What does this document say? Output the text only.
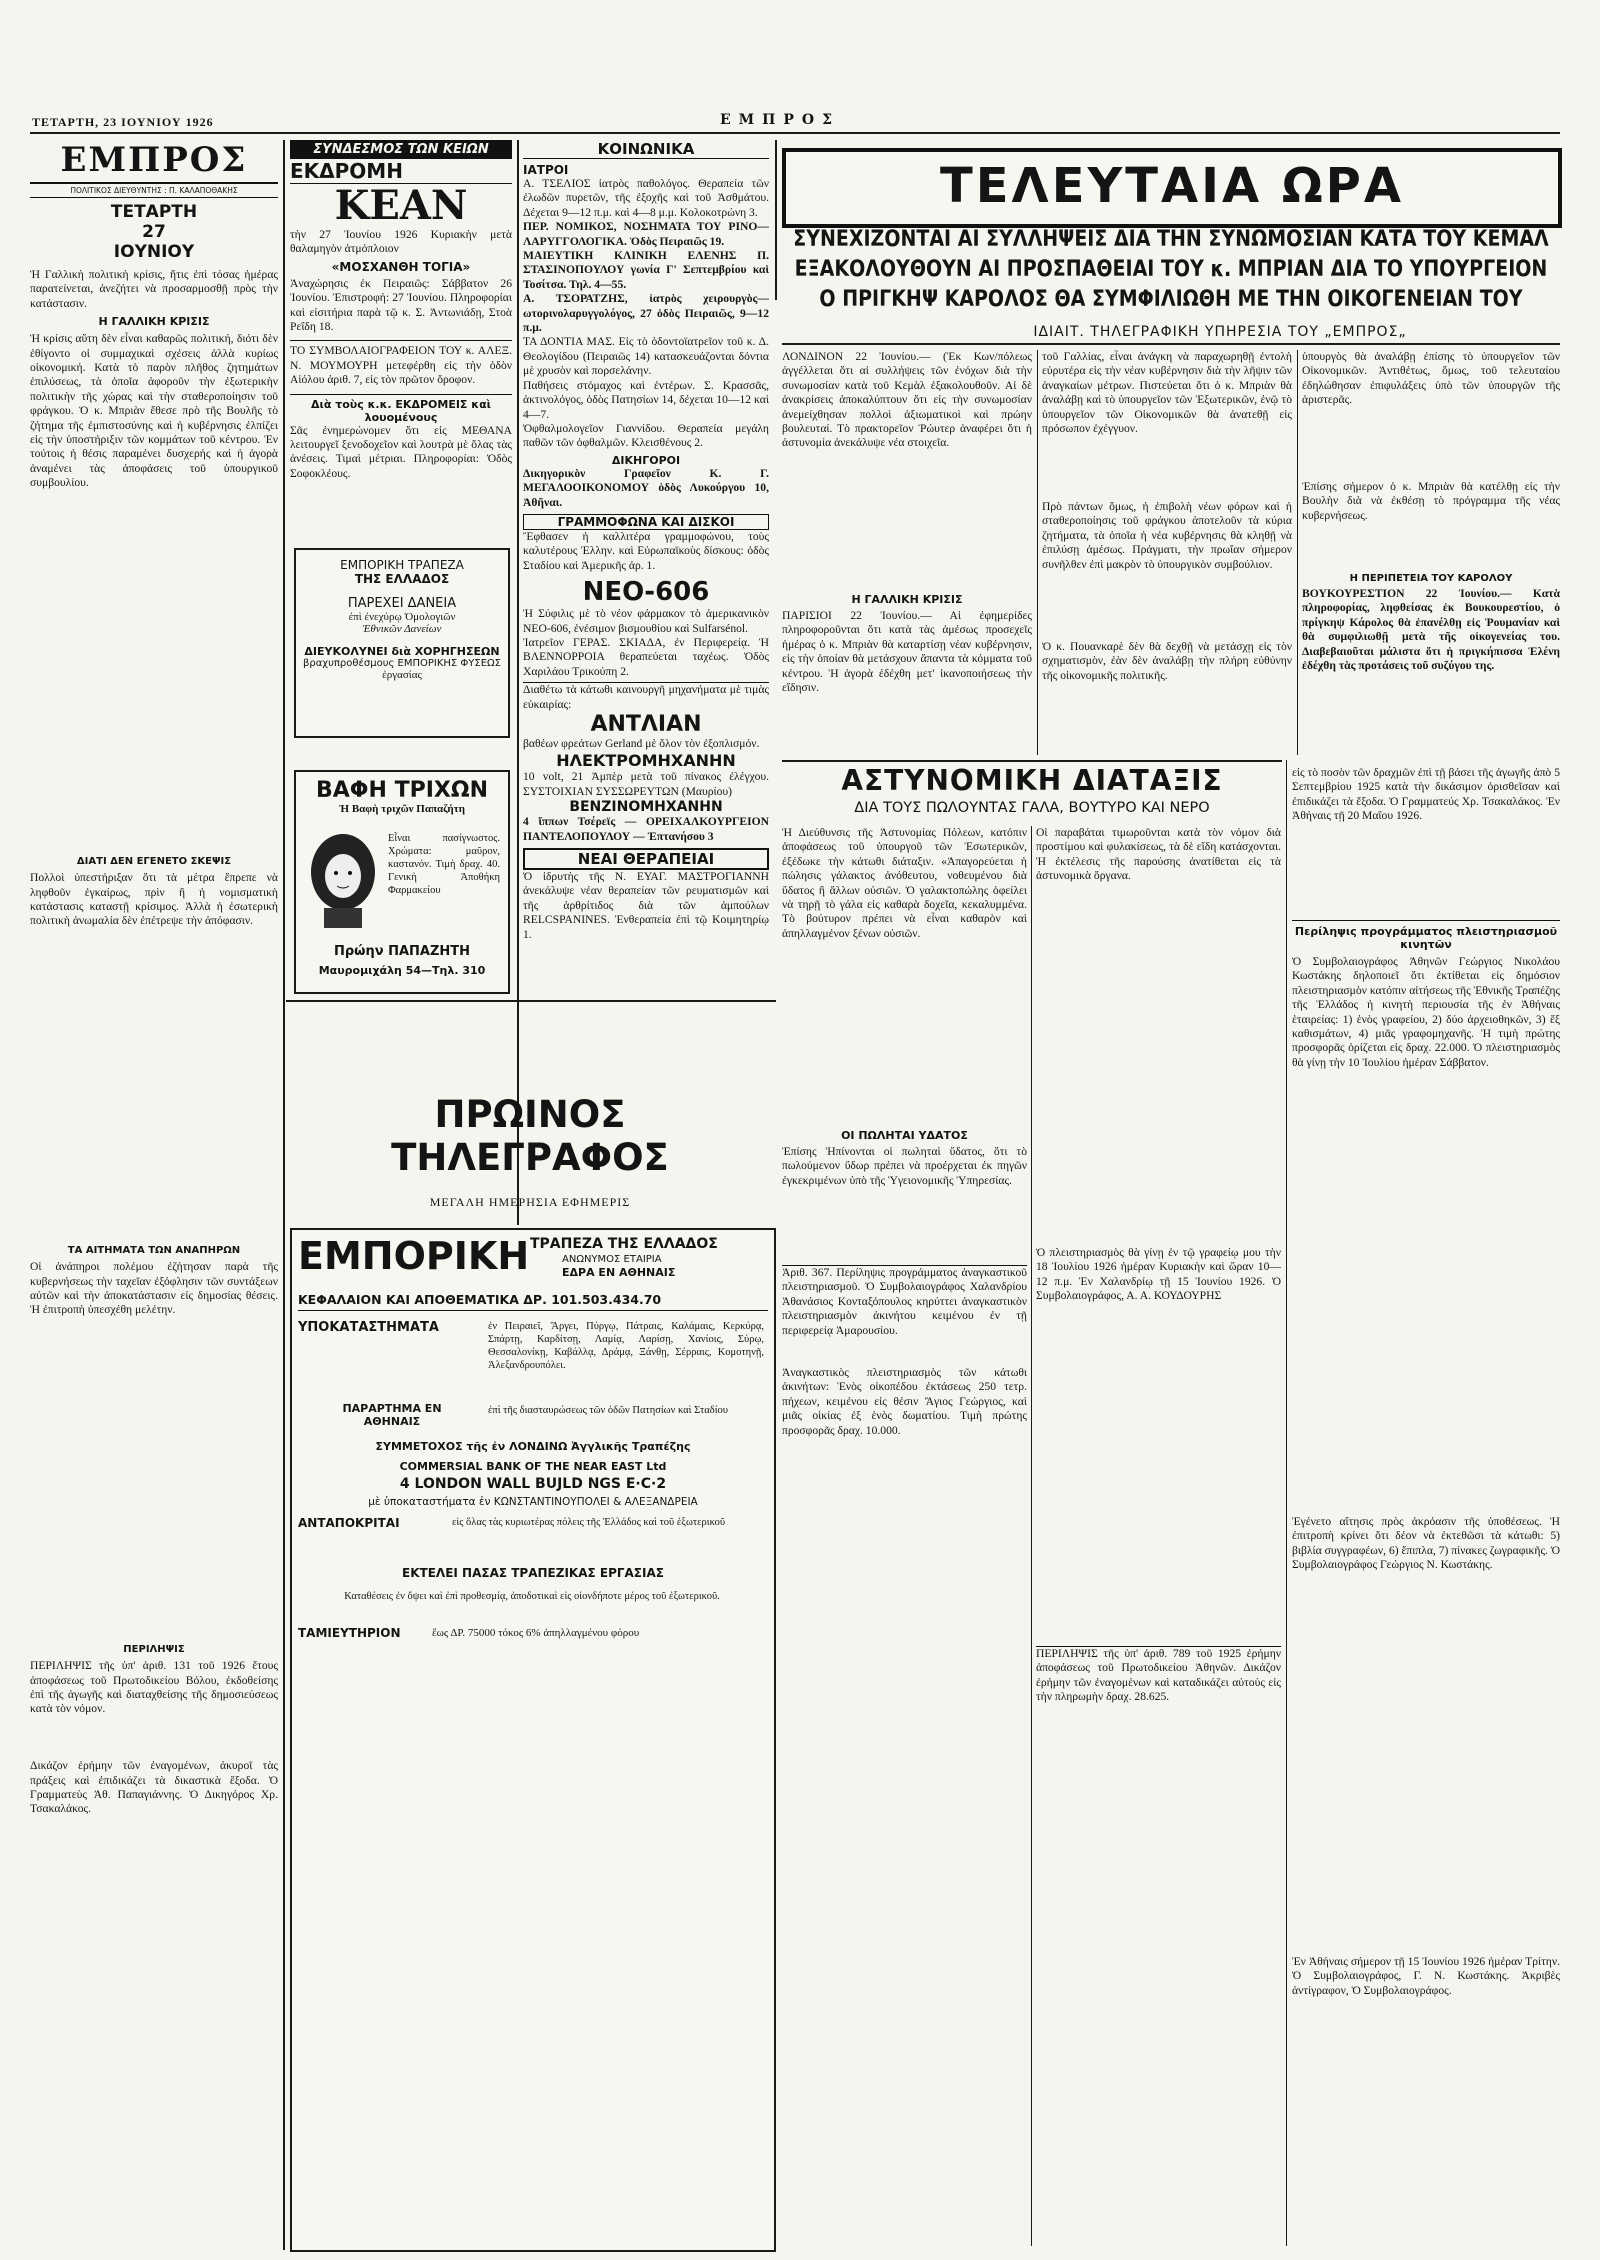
ΤΕΤΑΡΤΗ, 23 ΙΟΥΝΙΟΥ 1926	ΕΜΠΡΟΣ
ΕΜΠΡΟΣ
ΠΟΛΙΤΙΚΟΣ ΔΙΕΥΘΥΝΤΗΣ : Π. ΚΑΛΑΠΟΘΑΚΗΣ
ΤΕΤΑΡΤΗ
27
ΙΟΥΝΙΟΥ
Ἡ Γαλλικὴ πολιτικὴ κρίσις, ἥτις ἐπὶ τόσας ἡμέρας παρατείνεται, ἀνεζήτει νὰ προσαρμοσθῇ πρὸς τὴν κατάστασιν.
Η ΓΑΛΛΙΚΗ ΚΡΙΣΙΣ
Ἡ κρίσις αὕτη δὲν εἶναι καθαρῶς πολιτική, διότι δὲν ἐθίγοντο οἱ συμμαχικαὶ σχέσεις ἀλλὰ κυρίως οἰκονομική. Κατὰ τὸ παρὸν πλῆθος ζητημάτων ἐπιλύσεως, τὰ ὁποῖα ἀφοροῦν τὴν ἐξωτερικὴν πολιτικὴν τῆς χώρας καὶ τὴν σταθεροποίησιν τοῦ φράγκου. Ὁ κ. Μπριὰν ἔθεσε πρὸ τῆς Βουλῆς τὸ ζήτημα τῆς ἐμπιστοσύνης καὶ ἡ κυβέρνησις ἐλπίζει εἰς τὴν ὑποστήριξιν τῶν κομμάτων τοῦ κέντρου. Ἐν τούτοις ἡ θέσις παραμένει δυσχερής καὶ ἡ ἀγορὰ ἀναμένει τὰς ἀποφάσεις τοῦ ὑπουργικοῦ συμβουλίου.
ΔΙΑΤΙ ΔΕΝ ΕΓΕΝΕΤΟ ΣΚΕΨΙΣ
Πολλοὶ ὑπεστήριξαν ὅτι τὰ μέτρα ἔπρεπε νὰ ληφθοῦν ἐγκαίρως, πρὶν ἢ ἡ νομισματικὴ κατάστασις καταστῇ κρίσιμος. Ἀλλὰ ἡ ἐσωτερικὴ πολιτικὴ ἀνωμαλία δὲν ἐπέτρεψε τὴν ἀπόφασιν.
ΤΑ ΑΙΤΗΜΑΤΑ ΤΩΝ ΑΝΑΠΗΡΩΝ
Οἱ ἀνάπηροι πολέμου ἐζήτησαν παρὰ τῆς κυβερνήσεως τὴν ταχεῖαν ἐξόφλησιν τῶν συντάξεων αὐτῶν καὶ τὴν ἀποκατάστασιν εἰς δημοσίας θέσεις. Ἡ ἐπιτροπὴ ὑπεσχέθη μελέτην.
ΠΕΡΙΛΗΨΙΣ
ΠΕΡΙΛΗΨΙΣ τῆς ὑπ' ἀριθ. 131 τοῦ 1926 ἔτους ἀποφάσεως τοῦ Πρωτοδικείου Βόλου, ἐκδοθείσης ἐπὶ τῆς ἀγωγῆς καὶ διαταχθείσης τῆς δημοσιεύσεως κατὰ τὸν νόμον.
Δικάζον ἐρήμην τῶν ἐναγομένων, ἀκυροῖ τὰς πράξεις καὶ ἐπιδικάζει τὰ δικαστικὰ ἔξοδα. Ὁ Γραμματεὺς Ἀθ. Παπαγιάννης. Ὁ Δικηγόρος Χρ. Τσακαλάκος.
ΣΥΝΔΕΣΜΟΣ ΤΩΝ ΚΕΙΩΝ
ΕΚΔΡΟΜΗ
ΚΕΑΝ
τὴν 27 Ἰουνίου 1926 Κυριακὴν μετὰ θαλαμηγὸν ἀτμόπλοιον
«ΜΟΣΧΑΝΘΗ ΤΟΓΙΑ»
Ἀναχώρησις ἐκ Πειραιῶς: Σάββατον 26 Ἰουνίου. Ἐπιστροφή: 27 Ἰουνίου. Πληροφορίαι καὶ εἰσιτήρια παρὰ τῷ κ. Σ. Ἀντωνιάδῃ, Στοὰ Ρεΐδη 18.
ΤΟ ΣΥΜΒΟΛΑΙΟΓΡΑΦΕΙΟΝ ΤΟΥ κ. ΑΛΕΞ. Ν. ΜΟΥΜΟΥΡΗ μετεφέρθη εἰς τὴν ὁδὸν Αἰόλου ἀριθ. 7, εἰς τὸν πρῶτον ὄροφον.
Διὰ τοὺς κ.κ. ΕΚΔΡΟΜΕΙΣ καὶ λουομένους
Σᾶς ἐνημερώνομεν ὅτι εἰς ΜΕΘΑΝΑ λειτουργεῖ ξενοδοχεῖον καὶ λουτρὰ μὲ ὅλας τὰς ἀνέσεις. Τιμαὶ μέτριαι. Πληροφορίαι: Ὁδὸς Σοφοκλέους.
ΕΜΠΟΡΙΚΗ ΤΡΑΠΕΖΑ
ΤΗΣ ΕΛΛΑΔΟΣ
ΠΑΡΕΧΕΙ ΔΑΝΕΙΑ
ἐπὶ ἐνεχύρῳ Ὁμολογιῶν
Ἐθνικῶν Δανείων
ΔΙΕΥΚΟΛΥΝΕΙ διὰ ΧΟΡΗΓΗΣΕΩΝ
βραχυπροθέσμους ΕΜΠΟΡΙΚΗΣ ΦΥΣΕΩΣ
ἐργασίας
ΒΑΦΗ ΤΡΙΧΩΝ
Ἡ Βαφὴ τριχῶν Παπαζήτη
Εἶναι πασίγνωστος. Χρώματα: μαῦρον, καστανόν. Τιμὴ δραχ. 40. Γενικὴ Ἀποθήκη Φαρμακείου
Πρώην ΠΑΠΑΖΗΤΗ
Μαυρομιχάλη 54—Τηλ. 310
ΠΡΩΙΝΟΣ ΤΗΛΕΓΡΑΦΟΣ
ΜΕΓΑΛΗ ΗΜΕΡΗΣΙΑ ΕΦΗΜΕΡΙΣ
ΚΟΙΝΩΝΙΚΑ
ΙΑΤΡΟΙ
Α. ΤΣΕΛΙΟΣ ἰατρὸς παθολόγος. Θεραπεία τῶν ἐλωδῶν πυρετῶν, τῆς ἐξοχῆς καὶ τοῦ Ἀσθμάτου. Δέχεται 9—12 π.μ. καὶ 4—8 μ.μ. Κολοκοτρώνη 3.
ΠΕΡ. ΝΟΜΙΚΟΣ, ΝΟΣΗΜΑΤΑ ΤΟΥ ΡΙΝΟ—ΛΑΡΥΓΓΟΛΟΓΙΚΑ. Ὁδὸς Πειραιῶς 19.
ΜΑΙΕΥΤΙΚΗ ΚΛΙΝΙΚΗ ΕΛΕΝΗΣ Π. ΣΤΑΣΙΝΟΠΟΥΛΟΥ γωνία Γ' Σεπτεμβρίου καὶ Τοσίτσα. Τηλ. 4—55.
Α. ΤΣΟΡΑΤΖΗΣ, ἰατρὸς χειρουργὸς—ωτορινολαρυγγολόγος, 27 ὁδὸς Πειραιῶς, 9—12 π.μ.
ΤΑ ΔΟΝΤΙΑ ΜΑΣ. Εἰς τὸ ὀδοντοϊατρεῖον τοῦ κ. Δ. Θεολογίδου (Πειραιῶς 14) κατασκευάζονται δόντια μὲ χρυσὸν καὶ πορσελάνην.
Παθήσεις στόμαχος καὶ ἐντέρων. Σ. Κρασσᾶς, ἀκτινολόγος, ὁδὸς Πατησίων 14, δέχεται 10—12 καὶ 4—7.
Ὀφθαλμολογεῖον Γιαννίδου. Θεραπεία μεγάλη παθῶν τῶν ὀφθαλμῶν. Κλεισθένους 2.
ΔΙΚΗΓΟΡΟΙ
Δικηγορικὸν Γραφεῖον Κ. Γ. ΜΕΓΑΛΟΟΙΚΟΝΟΜΟΥ ὁδὸς Λυκούργου 10, Ἀθῆναι.
ΓΡΑΜΜΟΦΩΝΑ ΚΑΙ ΔΙΣΚΟΙ
Ἔφθασεν ἡ καλλιτέρα γραμμοφώνου, τοὺς καλυτέρους Ἑλλην. καὶ Εὐρωπαϊκοὺς δίσκους: ὁδὸς Σταδίου καὶ Ἀμερικῆς ἀρ. 1.
ΝΕΟ-606
Ἡ Σύφιλις μὲ τὸ νέον φάρμακον τὸ ἀμερικανικὸν ΝΕΟ-606, ἐνέσιμον βισμουθίου καὶ Sulfarsénol.
Ἰατρεῖον ΓΕΡΑΣ. ΣΚΙΑΔΑ, ἐν Περιφερείᾳ. Ἡ ΒΛΕΝΝΟΡΡΟΙΑ θεραπεύεται ταχέως. Ὁδὸς Χαριλάου Τρικούπη 2.
Διαθέτω τὰ κάτωθι καινουργῆ μηχανήματα μὲ τιμὰς εὐκαιρίας:
ΑΝΤΛΙΑΝ
βαθέων φρεάτων Gerland μὲ ὅλον τὸν ἐξοπλισμόν.
ΗΛΕΚΤΡΟΜΗΧΑΝΗΝ
10 volt, 21 Ἀμπὲρ μετὰ τοῦ πίνακος ἐλέγχου. ΣΥΣΤΟΙΧΙΑΝ ΣΥΣΣΩΡΕΥΤΩΝ (Μαυρίου)
ΒΕΝΖΙΝΟΜΗΧΑΝΗΝ
4 ἵππων Τσέρεϊς — ΟΡΕΙΧΑΛΚΟΥΡΓΕΙΟΝ ΠΑΝΤΕΛΟΠΟΥΛΟΥ — Ἐπτανήσου 3
ΝΕΑΙ ΘΕΡΑΠΕΙΑΙ
Ὁ ἰδρυτὴς τῆς Ν. ΕΥΑΓ. ΜΑΣΤΡΟΓΙΑΝΝΗ ἀνεκάλυψε νέαν θεραπείαν τῶν ρευματισμῶν καὶ τῆς ἀρθρίτιδος διὰ τῶν ἀμπούλων RELCSPANINES. Ἐνθεραπεία ἐπὶ τῷ Κοιμητηρίῳ 1.
ΕΜΠΟΡΙΚΗ ΤΡΑΠΕΖΑ ΤΗΣ ΕΛΛΑΔΟΣ
ΑΝΩΝΥΜΟΣ ΕΤΑΙΡΙΑ
ΕΔΡΑ ΕΝ ΑΘΗΝΑΙΣ
ΚΕΦΑΛΑΙΟΝ ΚΑΙ ΑΠΟΘΕΜΑΤΙΚΑ ΔΡ. 101.503.434.70
ΥΠΟΚΑΤΑΣΤΗΜΑΤΑ	ἐν Πειραιεῖ, Ἄργει, Πύργῳ, Πάτραις, Καλάμαις, Κερκύρᾳ, Σπάρτῃ, Καρδίτσῃ, Λαμίᾳ, Λαρίσῃ, Χανίοις, Σύρῳ, Θεσσαλονίκῃ, Καβάλλᾳ, Δράμᾳ, Ξάνθῃ, Σέρραις, Κομοτηνῇ, Ἀλεξανδρουπόλει.
ΠΑΡΑΡΤΗΜΑ ΕΝ ΑΘΗΝΑΙΣ
ἐπὶ τῆς διασταυρώσεως τῶν ὁδῶν Πατησίων καὶ Σταδίου
ΣΥΜΜΕΤΟΧΟΣ τῆς ἐν ΛΟΝΔΙΝΩ Ἀγγλικῆς Τραπέζης
COMMERSIAL BANK OF THE NEAR EAST Ltd
4 LONDON WALL BUJLD NGS E·C·2
μὲ ὑποκαταστήματα ἐν ΚΩΝΣΤΑΝΤΙΝΟΥΠΟΛΕΙ & ΑΛΕΞΑΝΔΡΕΙΑ
ΑΝΤΑΠΟΚΡΙΤΑΙ	εἰς ὅλας τὰς κυριωτέρας πόλεις τῆς Ἑλλάδος καὶ τοῦ ἐξωτερικοῦ
ΕΚΤΕΛΕΙ ΠΑΣΑΣ ΤΡΑΠΕΖΙΚΑΣ ΕΡΓΑΣΙΑΣ
Καταθέσεις ἐν ὄψει καὶ ἐπὶ προθεσμίᾳ, ἀποδοτικαὶ εἰς οἱονδήποτε μέρος τοῦ ἐξωτερικοῦ.
ΤΑΜΙΕΥΤΗΡΙΟΝ	ἕως ΔΡ. 75000 τόκος 6% ἀπηλλαγμένου φόρου
ΤΕΛΕΥΤΑΙΑ ΩΡΑ
ΣΥΝΕΧΙΖΟΝΤΑΙ ΑΙ ΣΥΛΛΗΨΕΙΣ ΔΙΑ ΤΗΝ ΣΥΝΩΜΟΣΙΑΝ ΚΑΤΑ ΤΟΥ ΚΕΜΑΛ
ΕΞΑΚΟΛΟΥΘΟΥΝ ΑΙ ΠΡΟΣΠΑΘΕΙΑΙ ΤΟΥ κ. ΜΠΡΙΑΝ ΔΙΑ ΤΟ ΥΠΟΥΡΓΕΙΟΝ
Ο ΠΡΙΓΚΗΨ ΚΑΡΟΛΟΣ ΘΑ ΣΥΜΦΙΛΙΩΘΗ ΜΕ ΤΗΝ ΟΙΚΟΓΕΝΕΙΑΝ ΤΟΥ
ΙΔΙΑΙΤ. ΤΗΛΕΓΡΑΦΙΚΗ ΥΠΗΡΕΣΙΑ ΤΟΥ „ΕΜΠΡΟΣ„
ΛΟΝΔΙΝΟΝ 22 Ἰουνίου.— (Ἐκ Κων/πόλεως ἀγγέλλεται ὅτι αἱ συλλήψεις τῶν ἐνόχων διὰ τὴν συνωμοσίαν κατὰ τοῦ Κεμὰλ ἐξακολουθοῦν. Αἱ δὲ ἀνακρίσεις ἀποκαλύπτουν ὅτι εἰς τὴν συνωμοσίαν ἀνεμείχθησαν πολλοὶ ἀξιωματικοὶ καὶ πρώην βουλευταί. Τὸ πρακτορεῖον Ῥώυτερ ἀναφέρει ὅτι ἡ ἀστυνομία ἀνεκάλυψε νέα στοιχεῖα.
Η ΓΑΛΛΙΚΗ ΚΡΙΣΙΣ
ΠΑΡΙΣΙΟΙ 22 Ἰουνίου.— Αἱ ἐφημερίδες πληροφοροῦνται ὅτι κατὰ τὰς ἀμέσως προσεχεῖς ἡμέρας ὁ κ. Μπριὰν θὰ καταρτίσῃ νέαν κυβέρνησιν, εἰς τὴν ὁποίαν θὰ μετάσχουν ἅπαντα τὰ κόμματα τοῦ κέντρου. Ἡ ἀγορὰ ἐδέχθη μετ' ἱκανοποιήσεως τὴν εἴδησιν.
τοῦ Γαλλίας, εἶναι ἀνάγκη νὰ παραχωρηθῇ ἐντολὴ εὐρυτέρα εἰς τὴν νέαν κυβέρνησιν διὰ τὴν λῆψιν τῶν ἀναγκαίων μέτρων. Πιστεύεται ὅτι ὁ κ. Μπριὰν θὰ ἀναλάβῃ καὶ τὸ ὑπουργεῖον τῶν Ἐξωτερικῶν, ἐνῷ τὸ ὑπουργεῖον τῶν Οἰκονομικῶν θὰ ἀνατεθῇ εἰς πρόσωπον ἐχέγγυον.
Πρὸ πάντων ὅμως, ἡ ἐπιβολὴ νέων φόρων καὶ ἡ σταθεροποίησις τοῦ φράγκου ἀποτελοῦν τὰ κύρια ζητήματα, τὰ ὁποῖα ἡ νέα κυβέρνησις θὰ κληθῇ νὰ ἐπιλύσῃ ἀμέσως. Πράγματι, τὴν πρωΐαν σήμερον συνῆλθεν ἐπὶ μακρὸν τὸ ὑπουργικὸν συμβούλιον.
Ὁ κ. Πουανκαρὲ δὲν θὰ δεχθῇ νὰ μετάσχῃ εἰς τὸν σχηματισμὸν, ἐὰν δὲν ἀναλάβῃ τὴν πλήρη εὐθύνην τῆς οἰκονομικῆς πολιτικῆς.
ὑπουργὸς θὰ ἀναλάβῃ ἐπίσης τὸ ὑπουργεῖον τῶν Οἰκονομικῶν. Ἀντιθέτως, ὅμως, τοῦ τελευταίου ἐδηλώθησαν ἐπιφυλάξεις ὑπὸ τῶν ὑπουργῶν τῆς ἀριστερᾶς.
Ἐπίσης σήμερον ὁ κ. Μπριὰν θὰ κατέλθῃ εἰς τὴν Βουλὴν διὰ νὰ ἐκθέσῃ τὸ πρόγραμμα τῆς νέας κυβερνήσεως.
Η ΠΕΡΙΠΕΤΕΙΑ ΤΟΥ ΚΑΡΟΛΟΥ
ΒΟΥΚΟΥΡΕΣΤΙΟΝ 22 Ἰουνίου.— Κατὰ πληροφορίας, ληφθείσας ἐκ Βουκουρεστίου, ὁ πρίγκηψ Κάρολος θὰ ἐπανέλθῃ εἰς Ῥουμανίαν καὶ θὰ συμφιλιωθῇ μετὰ τῆς οἰκογενείας του. Διαβεβαιοῦται μάλιστα ὅτι ἡ πριγκήπισσα Ἑλένη ἐδέχθη τὰς προτάσεις τοῦ συζύγου της.
ΑΣΤΥΝΟΜΙΚΗ ΔΙΑΤΑΞΙΣ
ΔΙΑ ΤΟΥΣ ΠΩΛΟΥΝΤΑΣ ΓΑΛΑ, ΒΟΥΤΥΡΟ ΚΑΙ ΝΕΡΟ
Ἡ Διεύθυνσις τῆς Ἀστυνομίας Πόλεων, κατόπιν ἀποφάσεως τοῦ ὑπουργοῦ τῶν Ἐσωτερικῶν, ἐξέδωκε τὴν κάτωθι διάταξιν. «Ἀπαγορεύεται ἡ πώλησις γάλακτος ἀνόθευτου, νοθευμένου διὰ ὕδατος ἢ ἄλλων οὐσιῶν. Ὁ γαλακτοπώλης ὀφείλει νὰ τηρῇ τὸ γάλα εἰς καθαρὰ δοχεῖα, κεκαλυμμένα. Τὸ βούτυρον πρέπει νὰ εἶναι καθαρὸν καὶ ἀπηλλαγμένον ξένων οὐσιῶν.
ΟΙ ΠΩΛΗΤΑΙ ΥΔΑΤΟΣ
Ἐπίσης Ἠπίνονται οἱ πωληταὶ ὕδατος, ὅτι τὸ πωλούμενον ὕδωρ πρέπει νὰ προέρχεται ἐκ πηγῶν ἐγκεκριμένων ὑπὸ τῆς Ὑγειονομικῆς Ὑπηρεσίας.
Ἀριθ. 367. Περίληψις προγράμματος ἀναγκαστικοῦ πλειστηριασμοῦ. Ὁ Συμβολαιογράφος Χαλανδρίου Ἀθανάσιος Κονταξόπουλος κηρύττει ἀναγκαστικὸν πλειστηριασμὸν ἀκινήτου κειμένου ἐν τῇ περιφερείᾳ Ἀμαρουσίου.
Ἀναγκαστικὸς πλειστηριασμὸς τῶν κάτωθι ἀκινήτων: Ἑνὸς οἰκοπέδου ἐκτάσεως 250 τετρ. πήχεων, κειμένου εἰς θέσιν Ἅγιος Γεώργιος, καὶ μιᾶς οἰκίας ἐξ ἑνὸς δωματίου. Τιμὴ πρώτης προσφορᾶς δραχ. 10.000.
Οἱ παραβάται τιμωροῦνται κατὰ τὸν νόμον διὰ προστίμου καὶ φυλακίσεως, τὰ δὲ εἴδη κατάσχονται. Ἡ ἐκτέλεσις τῆς παρούσης ἀνατίθεται εἰς τὰ ἀστυνομικὰ ὄργανα.
Ὁ πλειστηριασμὸς θὰ γίνῃ ἐν τῷ γραφείῳ μου τὴν 18 Ἰουλίου 1926 ἡμέραν Κυριακὴν καὶ ὥραν 10—12 π.μ. Ἐν Χαλανδρίῳ τῇ 15 Ἰουνίου 1926. Ὁ Συμβολαιογράφος, Α. Α. ΚΟΥΔΟΥΡΗΣ
ΠΕΡΙΛΗΨΙΣ τῆς ὑπ' ἀριθ. 789 τοῦ 1925 ἐρήμην ἀποφάσεως τοῦ Πρωτοδικείου Ἀθηνῶν. Δικάζον ἐρήμην τῶν ἐναγομένων καὶ καταδικάζει αὐτοὺς εἰς τὴν πληρωμὴν δραχ. 28.625.
εἰς τὸ ποσὸν τῶν δραχμῶν ἐπὶ τῇ βάσει τῆς ἀγωγῆς ἀπὸ 5 Σεπτεμβρίου 1925 κατὰ τὴν δικάσιμον ὁρισθεῖσαν καὶ ἐπιδικάζει τὰ ἔξοδα. Ὁ Γραμματεύς Χρ. Τσακαλάκος. Ἐν Ἀθήναις τῇ 20 Μαΐου 1926.
Περίληψις προγράμματος πλειστηριασμοῦ κινητῶν
Ὁ Συμβολαιογράφος Ἀθηνῶν Γεώργιος Νικολάου Κωστάκης δηλοποιεῖ ὅτι ἐκτίθεται εἰς δημόσιον πλειστηριασμὸν κατόπιν αἰτήσεως τῆς Ἐθνικῆς Τραπέζης τῆς Ἑλλάδος ἡ κινητὴ περιουσία τῆς ἐν Ἀθήναις ἑταιρείας: 1) ἑνὸς γραφείου, 2) δύο ἀρχειοθηκῶν, 3) ἕξ καθισμάτων, 4) μιᾶς γραφομηχανῆς. Ἡ τιμὴ πρώτης προσφορᾶς ὁρίζεται εἰς δραχ. 22.000. Ὁ πλειστηριασμὸς θὰ γίνῃ τὴν 10 Ἰουλίου ἡμέραν Σάββατον.
Ἐγένετο αἴτησις πρὸς ἀκρόασιν τῆς ὑποθέσεως. Ἡ ἐπιτροπὴ κρίνει ὅτι δέον νὰ ἐκτεθῶσι τὰ κάτωθι: 5) βιβλία συγγραφέων, 6) ἔπιπλα, 7) πίνακες ζωγραφικῆς. Ὁ Συμβολαιογράφος Γεώργιος Ν. Κωστάκης.
Ἐν Ἀθήναις σήμερον τῇ 15 Ἰουνίου 1926 ἡμέραν Τρίτην. Ὁ Συμβολαιογράφος, Γ. Ν. Κωστάκης. Ἀκριβὲς ἀντίγραφον, Ὁ Συμβολαιογράφος.
